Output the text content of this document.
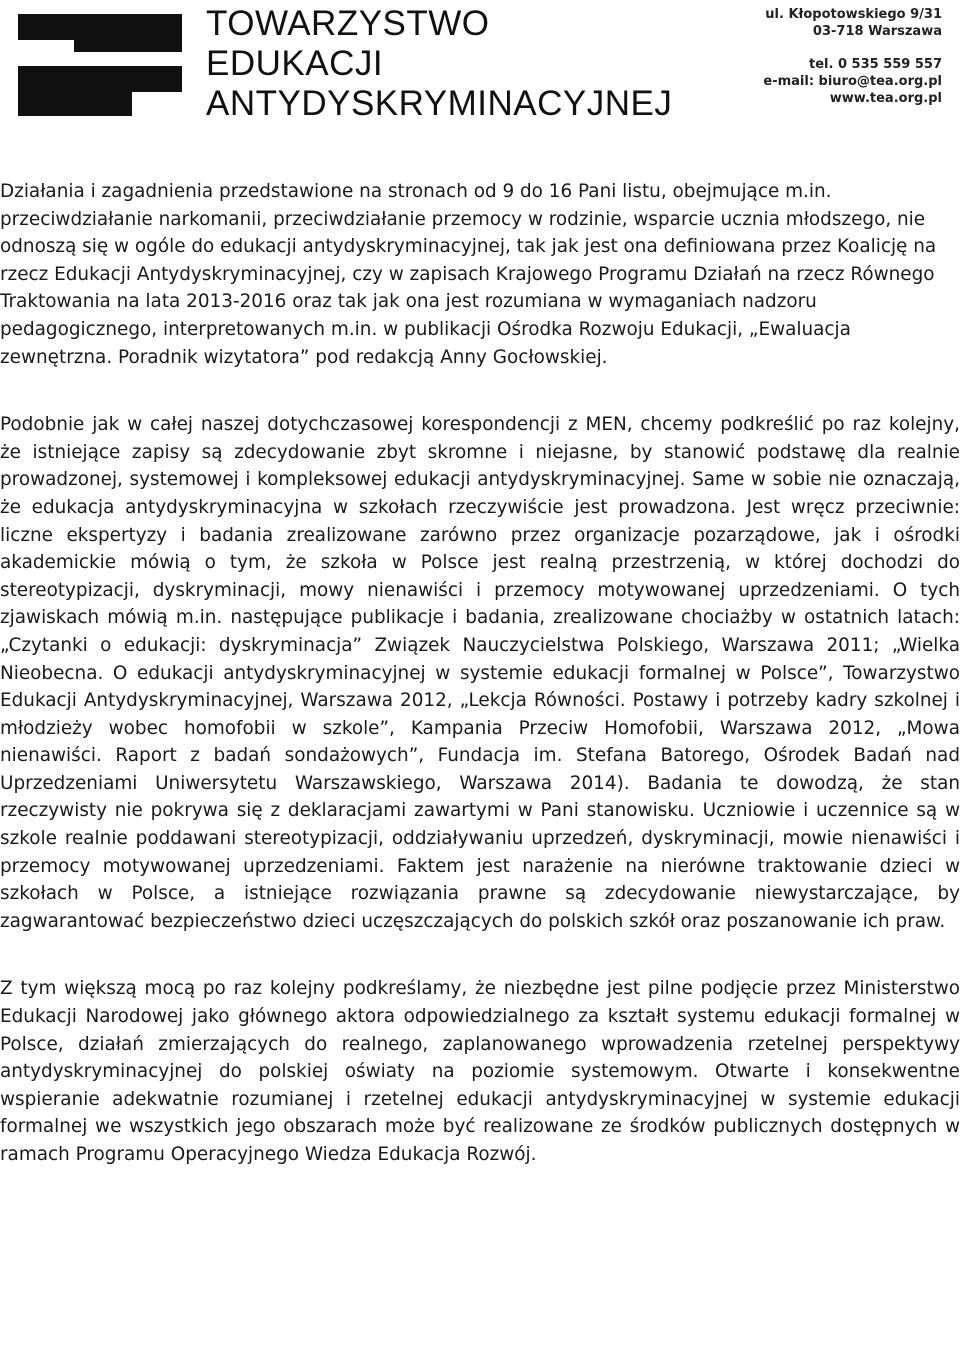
TOWARZYSTWO
EDUKACJI
ANTYDYSKRYMINACYJNEJ
ul. Kłopotowskiego 9/31
03-718 Warszawa
tel. 0 535 559 557
e-mail: biuro@tea.org.pl
www.tea.org.pl

Działania i zagadnienia przedstawione na stronach od 9 do 16 Pani listu, obejmujące m.in.
przeciwdziałanie narkomanii, przeciwdziałanie przemocy w rodzinie, wsparcie ucznia młodszego, nie odnoszą się w ogóle do edukacji antydyskryminacyjnej, tak jak jest ona definiowana przez Koalicję na rzecz Edukacji Antydyskryminacyjnej, czy w zapisach Krajowego Programu Działań na rzecz Równego Traktowania na lata 2013-2016 oraz tak jak ona jest rozumiana w wymaganiach nadzoru pedagogicznego, interpretowanych m.in. w publikacji Ośrodka Rozwoju Edukacji, „Ewaluacja zewnętrzna. Poradnik wizytatora” pod redakcją Anny Gocłowskiej.

Podobnie jak w całej naszej dotychczasowej korespondencji z MEN, chcemy podkreślić po raz kolejny, że istniejące zapisy są zdecydowanie zbyt skromne i niejasne, by stanowić podstawę dla realnie prowadzonej, systemowej i kompleksowej edukacji antydyskryminacyjnej. Same w sobie nie oznaczają, że edukacja antydyskryminacyjna w szkołach rzeczywiście jest prowadzona. Jest wręcz przeciwnie: liczne ekspertyzy i badania zrealizowane zarówno przez organizacje pozarządowe, jak i ośrodki akademickie mówią o tym, że szkoła w Polsce jest realną przestrzenią, w której dochodzi do stereotypizacji, dyskryminacji, mowy nienawiści i przemocy motywowanej uprzedzeniami. O tych zjawiskach mówią m.in. następujące publikacje i badania, zrealizowane chociażby w ostatnich latach: „Czytanki o edukacji: dyskryminacja” Związek Nauczycielstwa Polskiego, Warszawa 2011; „Wielka Nieobecna. O edukacji antydyskryminacyjnej w systemie edukacji formalnej w Polsce”, Towarzystwo Edukacji Antydyskryminacyjnej, Warszawa 2012, „Lekcja Równości. Postawy i potrzeby kadry szkolnej i młodzieży wobec homofobii w szkole”, Kampania Przeciw Homofobii, Warszawa 2012, „Mowa nienawiści. Raport z badań sondażowych”, Fundacja im. Stefana Batorego, Ośrodek Badań nad Uprzedzeniami Uniwersytetu Warszawskiego, Warszawa 2014). Badania te dowodzą, że stan rzeczywisty nie pokrywa się z deklaracjami zawartymi w Pani stanowisku. Uczniowie i uczennice są w szkole realnie poddawani stereotypizacji, oddziaływaniu uprzedzeń, dyskryminacji, mowie nienawiści i przemocy motywowanej uprzedzeniami. Faktem jest narażenie na nierówne traktowanie dzieci w szkołach w Polsce, a istniejące rozwiązania prawne są zdecydowanie niewystarczające, by zagwarantować bezpieczeństwo dzieci uczęszczających do polskich szkół oraz poszanowanie ich praw.

Z tym większą mocą po raz kolejny podkreślamy, że niezbędne jest pilne podjęcie przez Ministerstwo Edukacji Narodowej jako głównego aktora odpowiedzialnego za kształt systemu edukacji formalnej w Polsce, działań zmierzających do realnego, zaplanowanego wprowadzenia rzetelnej perspektywy antydyskryminacyjnej do polskiej oświaty na poziomie systemowym. Otwarte i konsekwentne wspieranie adekwatnie rozumianej i rzetelnej edukacji antydyskryminacyjnej w systemie edukacji formalnej we wszystkich jego obszarach może być realizowane ze środków publicznych dostępnych w ramach Programu Operacyjnego Wiedza Edukacja Rozwój.
